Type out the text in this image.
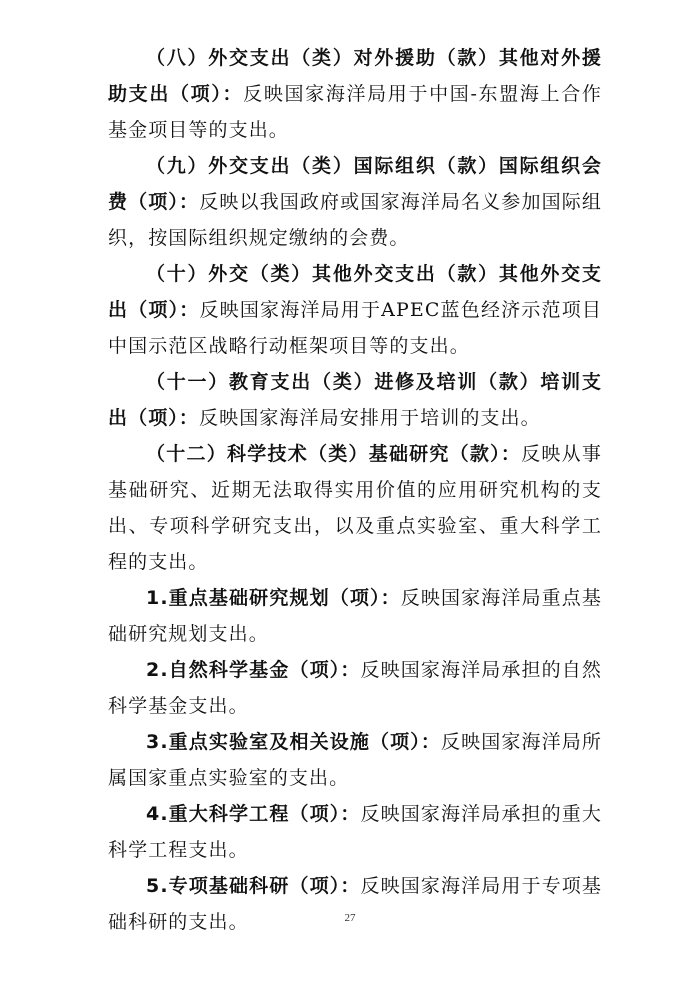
（八）外交支出（类）对外援助（款）其他对外援助支出（项）：反映国家海洋局用于中国-东盟海上合作基金项目等的支出。

（九）外交支出（类）国际组织（款）国际组织会费（项）：反映以我国政府或国家海洋局名义参加国际组织，按国际组织规定缴纳的会费。

（十）外交（类）其他外交支出（款）其他外交支出（项）：反映国家海洋局用于APEC蓝色经济示范项目中国示范区战略行动框架项目等的支出。

（十一）教育支出（类）进修及培训（款）培训支出（项）：反映国家海洋局安排用于培训的支出。

（十二）科学技术（类）基础研究（款）：反映从事基础研究、近期无法取得实用价值的应用研究机构的支出、专项科学研究支出，以及重点实验室、重大科学工程的支出。

1.重点基础研究规划（项）：反映国家海洋局重点基础研究规划支出。

2.自然科学基金（项）：反映国家海洋局承担的自然科学基金支出。

3.重点实验室及相关设施（项）：反映国家海洋局所属国家重点实验室的支出。

4.重大科学工程（项）：反映国家海洋局承担的重大科学工程支出。

5.专项基础科研（项）：反映国家海洋局用于专项基础科研的支出。	27
